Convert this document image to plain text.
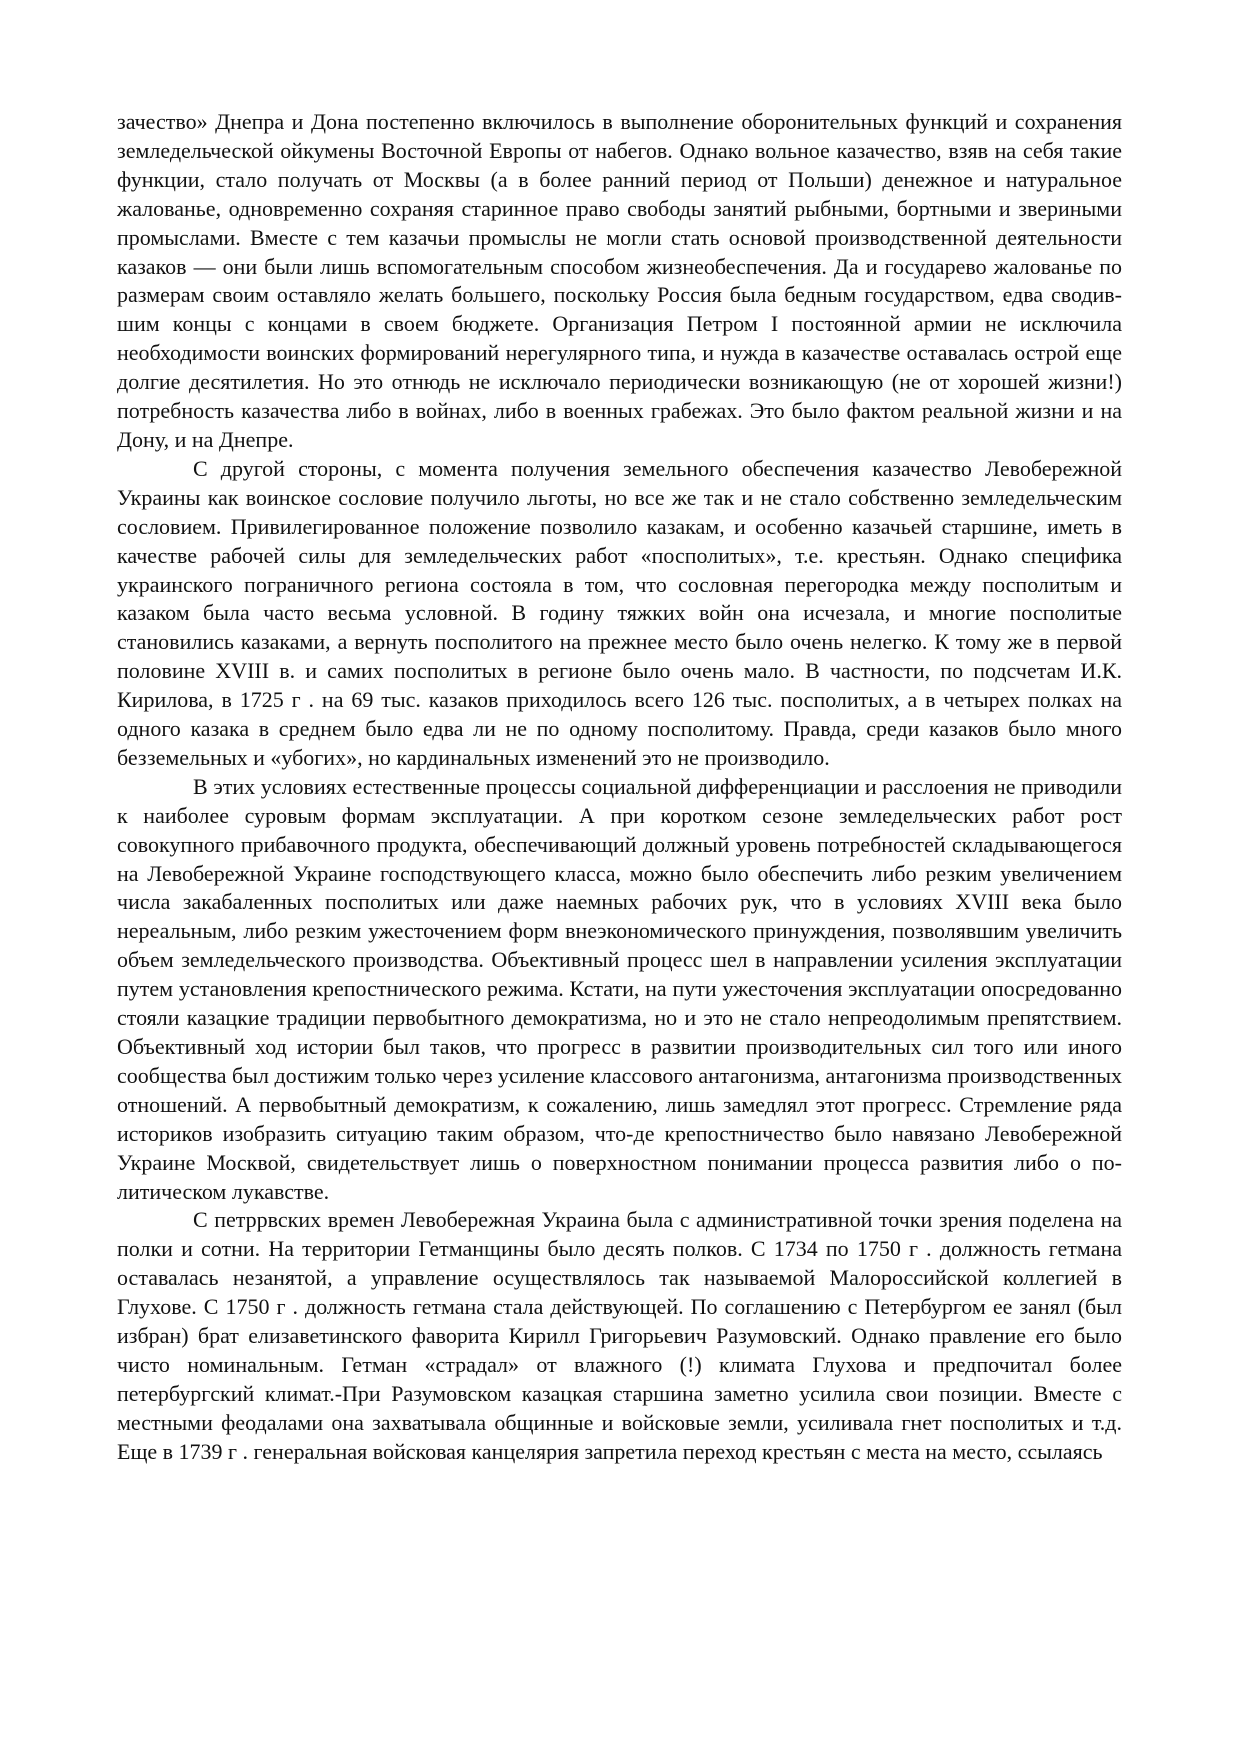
зачество» Днепра и Дона постепенно включилось в выполнение оборонительных функций и сохранения земледельческой ойкумены Восточной Европы от набегов. Однако вольное казачество, взяв на себя такие функции, стало получать от Москвы (а в более ранний период от Польши) денежное и натуральное жалованье, одновременно сохраняя старинное право свободы занятий рыбными, бортными и звериными промыслами. Вместе с тем казачьи промыслы не могли стать основой производственной деятельности казаков — они были лишь вспомогательным способом жизнеобеспечения. Да и государево жалованье по размерам своим оставляло желать большего, поскольку Россия была бедным государством, едва сводившим концы с концами в своем бюджете. Организация Петром I постоянной армии не исключила необходимости воинских формирований нерегулярного типа, и нужда в казачестве оставалась острой еще долгие десятилетия. Но это отнюдь не исключало периодически возникающую (не от хорошей жизни!) потребность казачества либо в войнах, либо в военных грабежах. Это было фактом реальной жизни и на Дону, и на Днепре.

С другой стороны, с момента получения земельного обеспечения казачество Левобережной Украины как воинское сословие получило льготы, но все же так и не стало собственно земледельческим сословием. Привилегированное положение позволило казакам, и особенно казачьей старшине, иметь в качестве рабочей силы для земледельческих работ «посполитых», т.е. крестьян. Однако специфика украинского пограничного региона состояла в том, что сословная перегородка между посполитым и казаком была часто весьма условной. В годину тяжких войн она исчезала, и многие посполитые становились казаками, а вернуть посполитого на прежнее место было очень нелегко. К тому же в первой половине XVIII в. и самих посполитых в регионе было очень мало. В частности, по подсчетам И.К. Кирилова, в 1725 г . на 69 тыс. казаков приходилось всего 126 тыс. посполитых, а в четырех полках на одного казака в среднем было едва ли не по одному посполитому. Правда, среди казаков было много безземельных и «убогих», но кардинальных изменений это не производило.

В этих условиях естественные процессы социальной дифференциации и расслоения не приводили к наиболее суровым формам эксплуатации. А при коротком сезоне земледельческих работ рост совокупного прибавочного продукта, обеспечивающий должный уровень потребностей складывающегося на Левобережной Украине господствующего класса, можно было обеспечить либо резким увеличением числа закабаленных посполитых или даже наемных рабочих рук, что в условиях XVIII века было нереальным, либо резким ужесточением форм внеэкономического принуждения, позволявшим увеличить объем земледельческого производства. Объективный процесс шел в направлении усиления эксплуатации путем установления крепостнического режима. Кстати, на пути ужесточения эксплуатации опосредованно стояли казацкие традиции первобытного демократизма, но и это не стало непреодолимым препятствием. Объективный ход истории был таков, что прогресс в развитии производительных сил того или иного сообщества был достижим только через усиление классового антагонизма, антагонизма производственных отношений. А первобытный демократизм, к сожалению, лишь замедлял этот прогресс. Стремление ряда историков изобразить ситуацию таким образом, что-де крепостничество было навязано Левобережной Украине Москвой, свидетельствует лишь о поверхностном понимании процесса развития либо о политическом лукавстве.

С петррвских времен Левобережная Украина была с административной точки зрения поделена на полки и сотни. На территории Гетманщины было десять полков. С 1734 по 1750 г . должность гетмана оставалась незанятой, а управление осуществлялось так называемой Малороссийской коллегией в Глухове. С 1750 г . должность гетмана стала действующей. По соглашению с Петербургом ее занял (был избран) брат елизаветинского фаворита Кирилл Григорьевич Разумовский. Однако правление его было чисто номинальным. Гетман «страдал» от влажного (!) климата Глухова и предпочитал более петербургский климат.-При Разумовском казацкая старшина заметно усилила свои позиции. Вместе с местными феодалами она захватывала общинные и войсковые земли, усиливала гнет посполитых и т.д. Еще в 1739 г . генеральная войсковая канцелярия запретила переход крестьян с места на место, ссылаясь
